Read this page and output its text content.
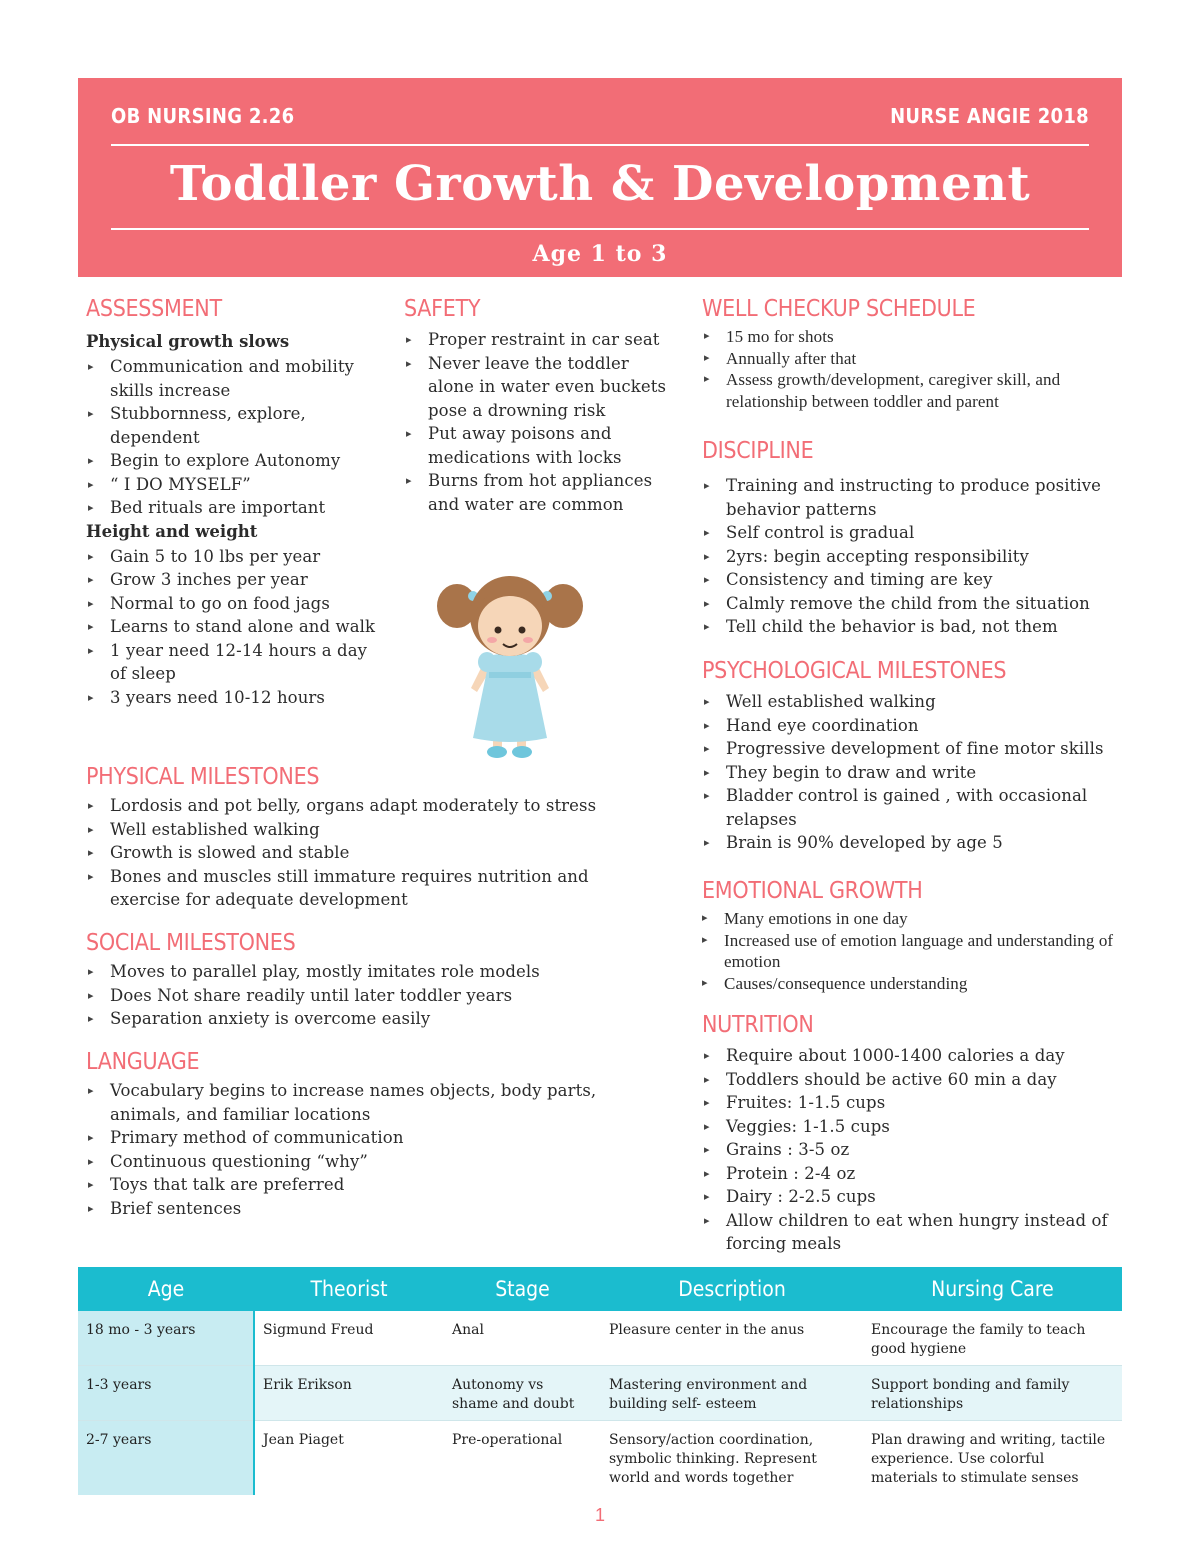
OB NURSING 2.26	NURSE ANGIE 2018
Toddler Growth & Development
Age 1 to 3
ASSESSMENT
Physical growth slows
▸ Communication and mobility skills increase
▸ Stubbornness, explore, dependent
▸ Begin to explore Autonomy
▸ “ I DO MYSELF”
▸ Bed rituals are important
Height and weight
▸ Gain 5 to 10 lbs per year
▸ Grow 3 inches per year
▸ Normal to go on food jags
▸ Learns to stand alone and walk
▸ 1 year need 12-14 hours a day of sleep
▸ 3 years need 10-12 hours
SAFETY
▸ Proper restraint in car seat
▸ Never leave the toddler alone in water even buckets pose a drowning risk
▸ Put away poisons and medications with locks
▸ Burns from hot appliances and water are common
PHYSICAL MILESTONES
▸ Lordosis and pot belly, organs adapt moderately to stress
▸ Well established walking
▸ Growth is slowed and stable
▸ Bones and muscles still immature requires nutrition and exercise for adequate development
SOCIAL MILESTONES
▸ Moves to parallel play, mostly imitates role models
▸ Does Not share readily until later toddler years
▸ Separation anxiety is overcome easily
LANGUAGE
▸ Vocabulary begins to increase names objects, body parts, animals, and familiar locations
▸ Primary method of communication
▸ Continuous questioning “why”
▸ Toys that talk are preferred
▸ Brief sentences
WELL CHECKUP SCHEDULE
▸ 15 mo for shots
▸ Annually after that
▸ Assess growth/development, caregiver skill, and relationship between toddler and parent
DISCIPLINE
▸ Training and instructing to produce positive behavior patterns
▸ Self control is gradual
▸ 2yrs: begin accepting responsibility
▸ Consistency and timing are key
▸ Calmly remove the child from the situation
▸ Tell child the behavior is bad, not them
PSYCHOLOGICAL MILESTONES
▸ Well established walking
▸ Hand eye coordination
▸ Progressive development of fine motor skills
▸ They begin to draw and write
▸ Bladder control is gained , with occasional relapses
▸ Brain is 90% developed by age 5
EMOTIONAL GROWTH
▸ Many emotions in one day
▸ Increased use of emotion language and understanding of emotion
▸ Causes/consequence understanding
NUTRITION
▸ Require about 1000-1400 calories a day
▸ Toddlers should be active 60 min a day
▸ Fruites: 1-1.5 cups
▸ Veggies: 1-1.5 cups
▸ Grains : 3-5 oz
▸ Protein : 2-4 oz
▸ Dairy : 2-2.5 cups
▸ Allow children to eat when hungry instead of forcing meals
Age	Theorist	Stage	Description	Nursing Care
18 mo - 3 years	Sigmund Freud	Anal	Pleasure center in the anus	Encourage the family to teach good hygiene
1-3 years	Erik Erikson	Autonomy vs shame and doubt	Mastering environment and building self- esteem	Support bonding and family relationships
2-7 years	Jean Piaget	Pre-operational	Sensory/action coordination, symbolic thinking. Represent world and words together	Plan drawing and writing, tactile experience. Use colorful materials to stimulate senses
1
